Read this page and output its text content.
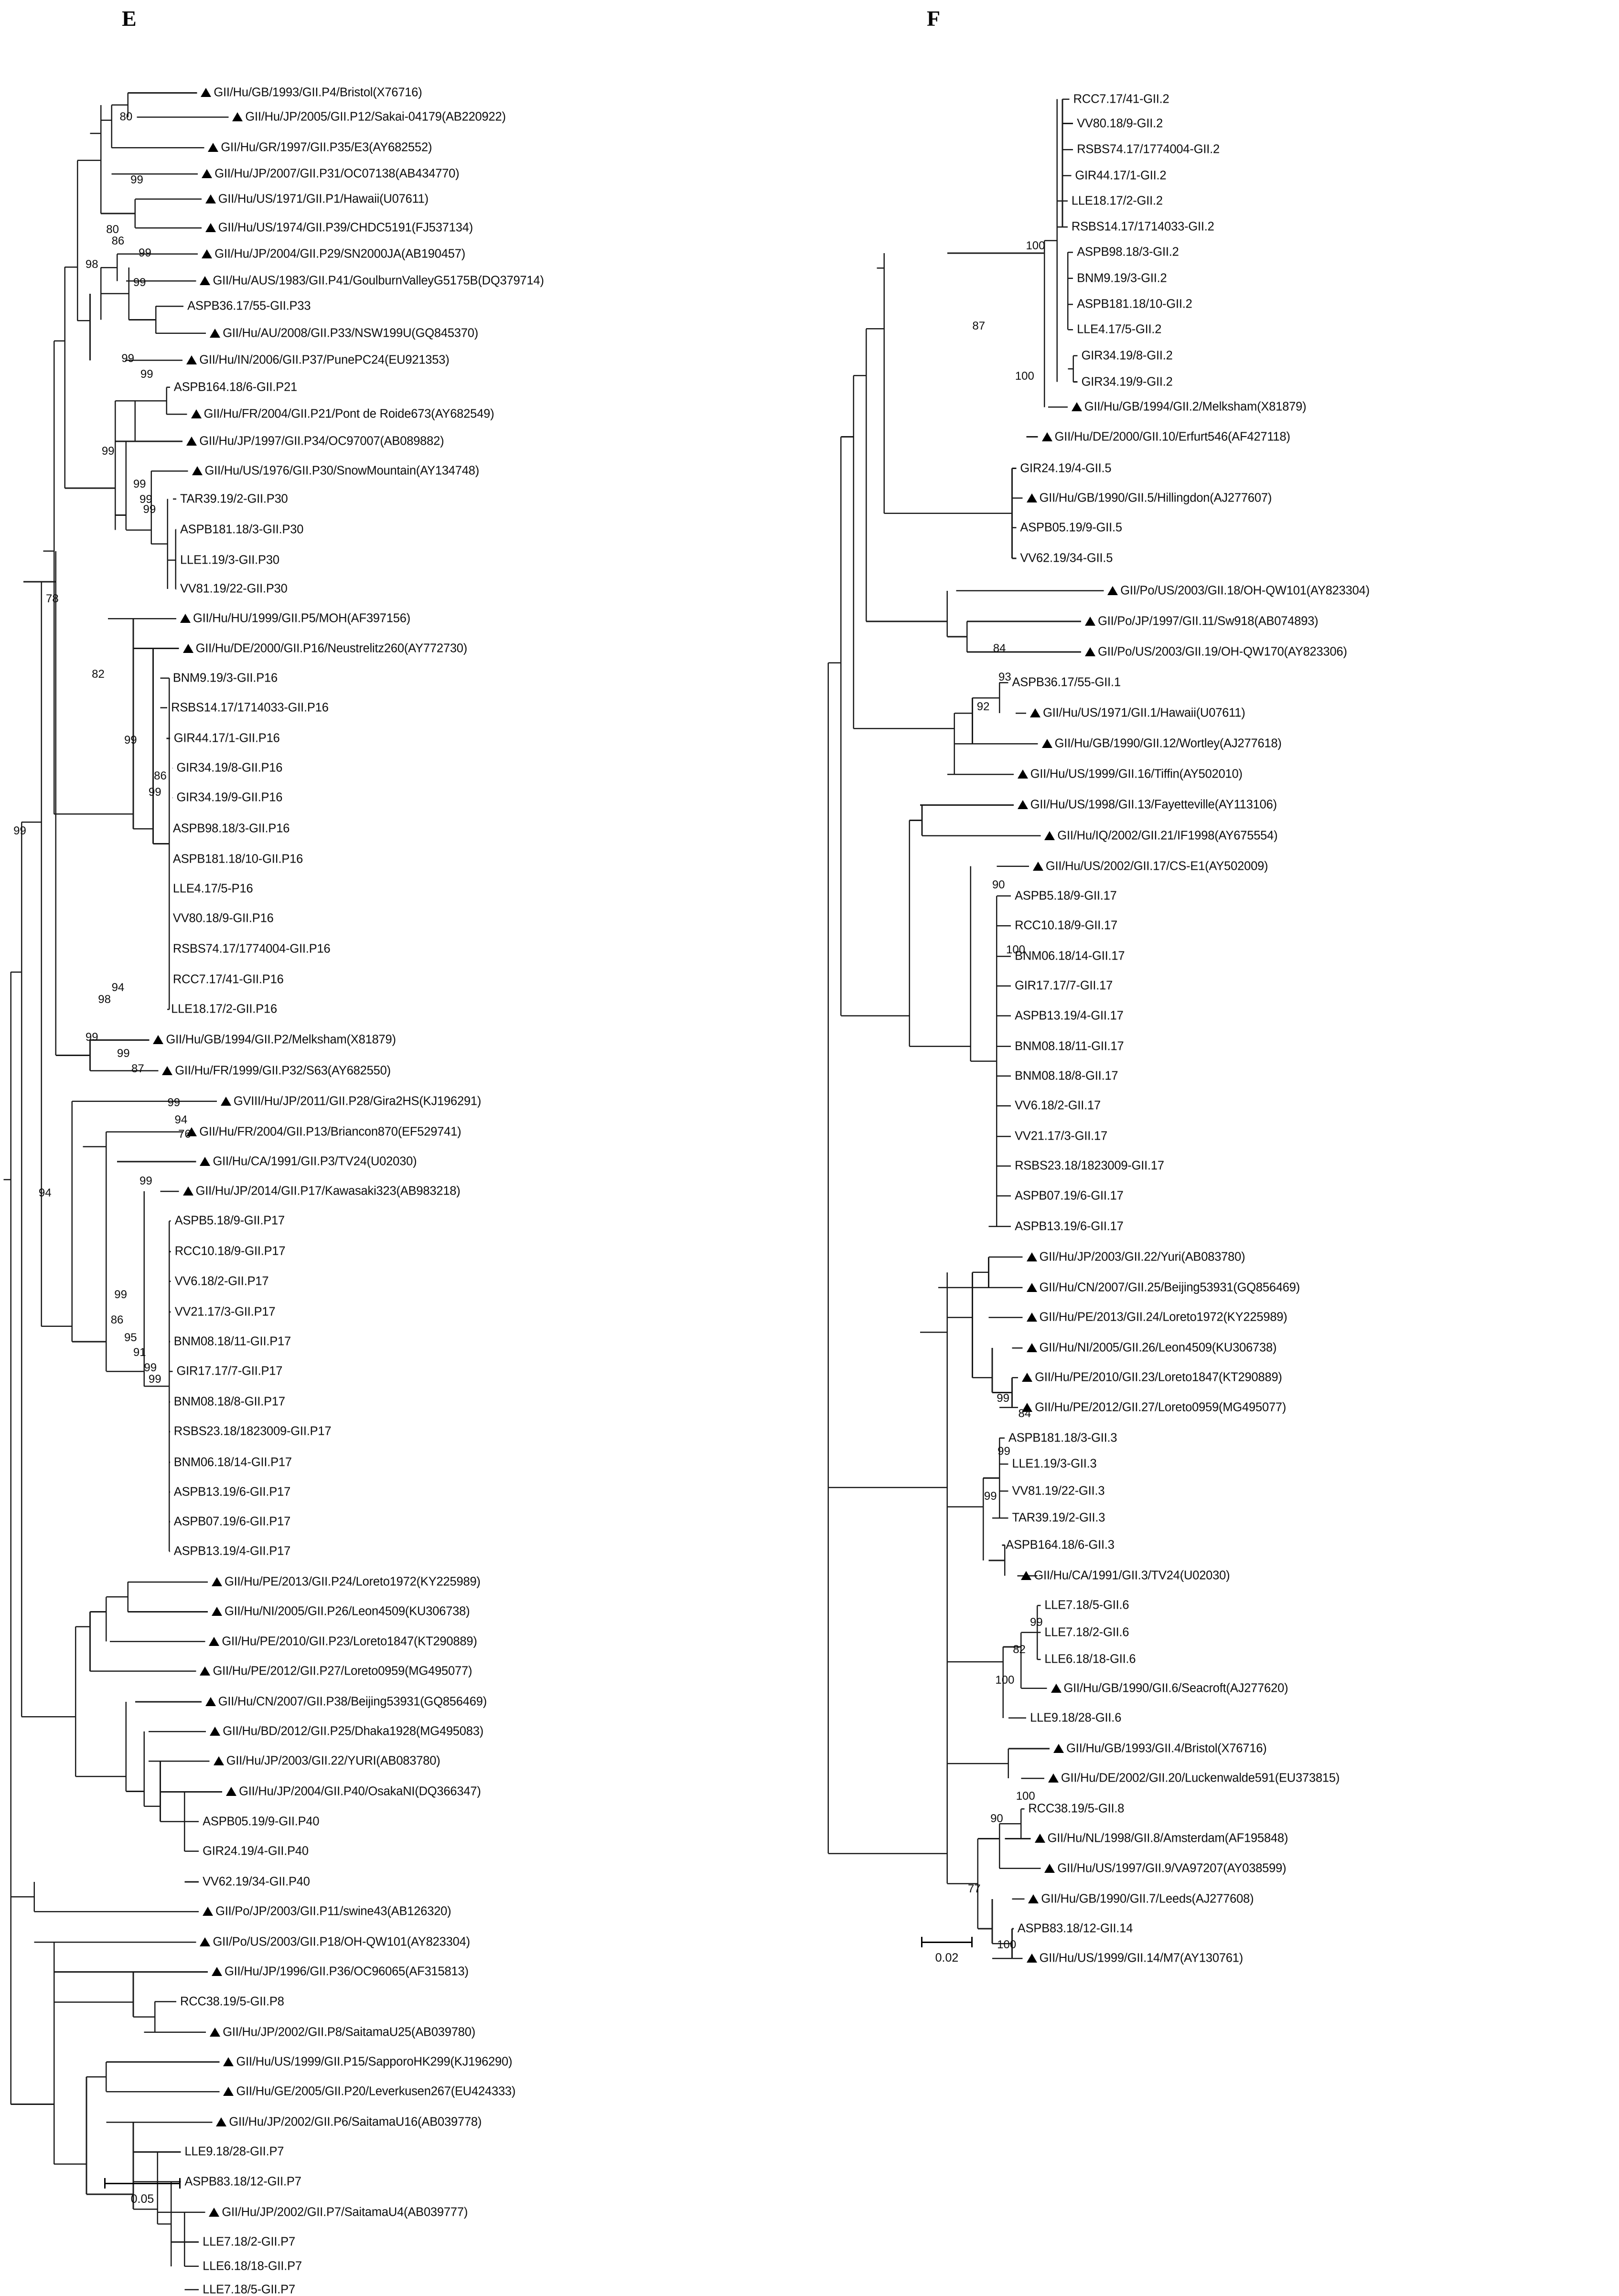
E	F
GII/Hu/GB/1993/GII.P4/Bristol(X76716)
GII/Hu/JP/2005/GII.P12/Sakai-04179(AB220922)
GII/Hu/GR/1997/GII.P35/E3(AY682552)
GII/Hu/JP/2007/GII.P31/OC07138(AB434770)
GII/Hu/US/1971/GII.P1/Hawaii(U07611)
GII/Hu/US/1974/GII.P39/CHDC5191(FJ537134)
GII/Hu/JP/2004/GII.P29/SN2000JA(AB190457)
GII/Hu/AUS/1983/GII.P41/GoulburnValleyG5175B(DQ379714)
ASPB36.17/55-GII.P33
GII/Hu/AU/2008/GII.P33/NSW199U(GQ845370)
GII/Hu/IN/2006/GII.P37/PunePC24(EU921353)
ASPB164.18/6-GII.P21
GII/Hu/FR/2004/GII.P21/Pont de Roide673(AY682549)
GII/Hu/JP/1997/GII.P34/OC97007(AB089882)
GII/Hu/US/1976/GII.P30/SnowMountain(AY134748)
TAR39.19/2-GII.P30
ASPB181.18/3-GII.P30
LLE1.19/3-GII.P30
VV81.19/22-GII.P30
GII/Hu/HU/1999/GII.P5/MOH(AF397156)
GII/Hu/DE/2000/GII.P16/Neustrelitz260(AY772730)
BNM9.19/3-GII.P16
RSBS14.17/1714033-GII.P16
GIR44.17/1-GII.P16
GIR34.19/8-GII.P16
GIR34.19/9-GII.P16
ASPB98.18/3-GII.P16
ASPB181.18/10-GII.P16
LLE4.17/5-P16
VV80.18/9-GII.P16
RSBS74.17/1774004-GII.P16
RCC7.17/41-GII.P16
LLE18.17/2-GII.P16
GII/Hu/GB/1994/GII.P2/Melksham(X81879)
GII/Hu/FR/1999/GII.P32/S63(AY682550)
GVIII/Hu/JP/2011/GII.P28/Gira2HS(KJ196291)
GII/Hu/FR/2004/GII.P13/Briancon870(EF529741)
GII/Hu/CA/1991/GII.P3/TV24(U02030)
GII/Hu/JP/2014/GII.P17/Kawasaki323(AB983218)
ASPB5.18/9-GII.P17
RCC10.18/9-GII.P17
VV6.18/2-GII.P17
VV21.17/3-GII.P17
BNM08.18/11-GII.P17
GIR17.17/7-GII.P17
BNM08.18/8-GII.P17
RSBS23.18/1823009-GII.P17
BNM06.18/14-GII.P17
ASPB13.19/6-GII.P17
ASPB07.19/6-GII.P17
ASPB13.19/4-GII.P17
GII/Hu/PE/2013/GII.P24/Loreto1972(KY225989)
GII/Hu/NI/2005/GII.P26/Leon4509(KU306738)
GII/Hu/PE/2010/GII.P23/Loreto1847(KT290889)
GII/Hu/PE/2012/GII.P27/Loreto0959(MG495077)
GII/Hu/CN/2007/GII.P38/Beijing53931(GQ856469)
GII/Hu/BD/2012/GII.P25/Dhaka1928(MG495083)
GII/Hu/JP/2003/GII.22/YURI(AB083780)
GII/Hu/JP/2004/GII.P40/OsakaNI(DQ366347)
ASPB05.19/9-GII.P40
GIR24.19/4-GII.P40
VV62.19/34-GII.P40
GII/Po/JP/2003/GII.P11/swine43(AB126320)
GII/Po/US/2003/GII.P18/OH-QW101(AY823304)
GII/Hu/JP/1996/GII.P36/OC96065(AF315813)
RCC38.19/5-GII.P8
GII/Hu/JP/2002/GII.P8/SaitamaU25(AB039780)
GII/Hu/US/1999/GII.P15/SapporoHK299(KJ196290)
GII/Hu/GE/2005/GII.P20/Leverkusen267(EU424333)
GII/Hu/JP/2002/GII.P6/SaitamaU16(AB039778)
LLE9.18/28-GII.P7
ASPB83.18/12-GII.P7
GII/Hu/JP/2002/GII.P7/SaitamaU4(AB039777)
LLE7.18/2-GII.P7
LLE6.18/18-GII.P7
LLE7.18/5-GII.P7
80
99
80
86
99
98
99
99
99
99
99
99
99
78
82
99
86
99
94
98
99
99
87
99
94
76
99
94
99
99
86
95
91
99
99
RCC7.17/41-GII.2
VV80.18/9-GII.2
RSBS74.17/1774004-GII.2
GIR44.17/1-GII.2
LLE18.17/2-GII.2
RSBS14.17/1714033-GII.2
ASPB98.18/3-GII.2
BNM9.19/3-GII.2
ASPB181.18/10-GII.2
LLE4.17/5-GII.2
GIR34.19/8-GII.2
GIR34.19/9-GII.2
GII/Hu/GB/1994/GII.2/Melksham(X81879)
GII/Hu/DE/2000/GII.10/Erfurt546(AF427118)
GIR24.19/4-GII.5
GII/Hu/GB/1990/GII.5/Hillingdon(AJ277607)
ASPB05.19/9-GII.5
VV62.19/34-GII.5
GII/Po/US/2003/GII.18/OH-QW101(AY823304)
GII/Po/JP/1997/GII.11/Sw918(AB074893)
GII/Po/US/2003/GII.19/OH-QW170(AY823306)
ASPB36.17/55-GII.1
GII/Hu/US/1971/GII.1/Hawaii(U07611)
GII/Hu/GB/1990/GII.12/Wortley(AJ277618)
GII/Hu/US/1999/GII.16/Tiffin(AY502010)
GII/Hu/US/1998/GII.13/Fayetteville(AY113106)
GII/Hu/IQ/2002/GII.21/IF1998(AY675554)
GII/Hu/US/2002/GII.17/CS-E1(AY502009)
ASPB5.18/9-GII.17
RCC10.18/9-GII.17
BNM06.18/14-GII.17
GIR17.17/7-GII.17
ASPB13.19/4-GII.17
BNM08.18/11-GII.17
BNM08.18/8-GII.17
VV6.18/2-GII.17
VV21.17/3-GII.17
RSBS23.18/1823009-GII.17
ASPB07.19/6-GII.17
ASPB13.19/6-GII.17
GII/Hu/JP/2003/GII.22/Yuri(AB083780)
GII/Hu/CN/2007/GII.25/Beijing53931(GQ856469)
GII/Hu/PE/2013/GII.24/Loreto1972(KY225989)
GII/Hu/NI/2005/GII.26/Leon4509(KU306738)
GII/Hu/PE/2010/GII.23/Loreto1847(KT290889)
GII/Hu/PE/2012/GII.27/Loreto0959(MG495077)
ASPB181.18/3-GII.3
LLE1.19/3-GII.3
VV81.19/22-GII.3
TAR39.19/2-GII.3
ASPB164.18/6-GII.3
GII/Hu/CA/1991/GII.3/TV24(U02030)
LLE7.18/5-GII.6
LLE7.18/2-GII.6
LLE6.18/18-GII.6
GII/Hu/GB/1990/GII.6/Seacroft(AJ277620)
LLE9.18/28-GII.6
GII/Hu/GB/1993/GII.4/Bristol(X76716)
GII/Hu/DE/2002/GII.20/Luckenwalde591(EU373815)
RCC38.19/5-GII.8
GII/Hu/NL/1998/GII.8/Amsterdam(AF195848)
GII/Hu/US/1997/GII.9/VA97207(AY038599)
GII/Hu/GB/1990/GII.7/Leeds(AJ277608)
ASPB83.18/12-GII.14
GII/Hu/US/1999/GII.14/M7(AY130761)
100
87
100
84
93
92
90
100
99
84
99
99
99
82
100
100
90
77
100
0.05
0.02
